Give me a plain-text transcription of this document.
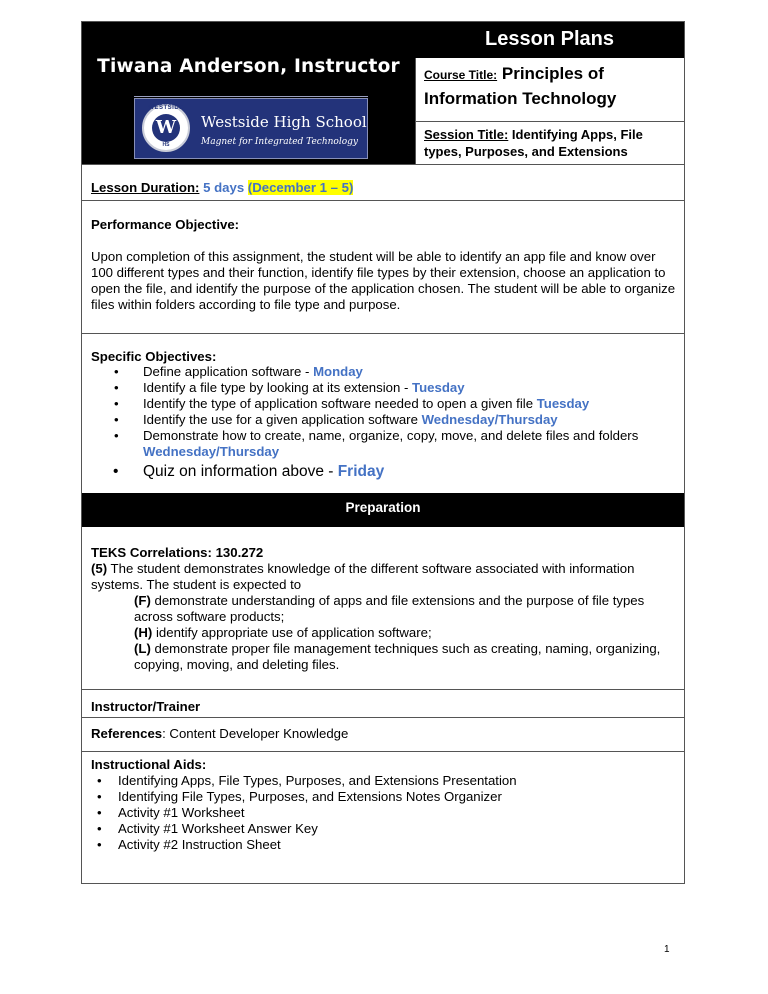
Tiwana Anderson, Instructor
WESTSIDE
W
HS
Westside High School
Magnet for Integrated Technology
Lesson Plans
Course Title: Principles of Information Technology
Session Title: Identifying Apps, File types, Purposes, and Extensions
Lesson Duration: 5 days (December 1 – 5)
Performance Objective:
Upon completion of this assignment, the student will be able to identify an app file and know over 100 different types and their function, identify file types by their extension, choose an application to open the file, and identify the purpose of the application chosen. The student will be able to organize files within folders according to file type and purpose.
Specific Objectives:
• Define application software - Monday
• Identify a file type by looking at its extension - Tuesday
• Identify the type of application software needed to open a given file Tuesday
• Identify the use for a given application software Wednesday/Thursday
• Demonstrate how to create, name, organize, copy, move, and delete files and folders Wednesday/Thursday
• Quiz on information above - Friday
Preparation
TEKS Correlations: 130.272
(5) The student demonstrates knowledge of the different software associated with information systems. The student is expected to
(F) demonstrate understanding of apps and file extensions and the purpose of file types across software products;
(H) identify appropriate use of application software;
(L) demonstrate proper file management techniques such as creating, naming, organizing, copying, moving, and deleting files.
Instructor/Trainer
References: Content Developer Knowledge
Instructional Aids:
• Identifying Apps, File Types, Purposes, and Extensions Presentation
• Identifying File Types, Purposes, and Extensions Notes Organizer
• Activity #1 Worksheet
• Activity #1 Worksheet Answer Key
• Activity #2 Instruction Sheet
1
